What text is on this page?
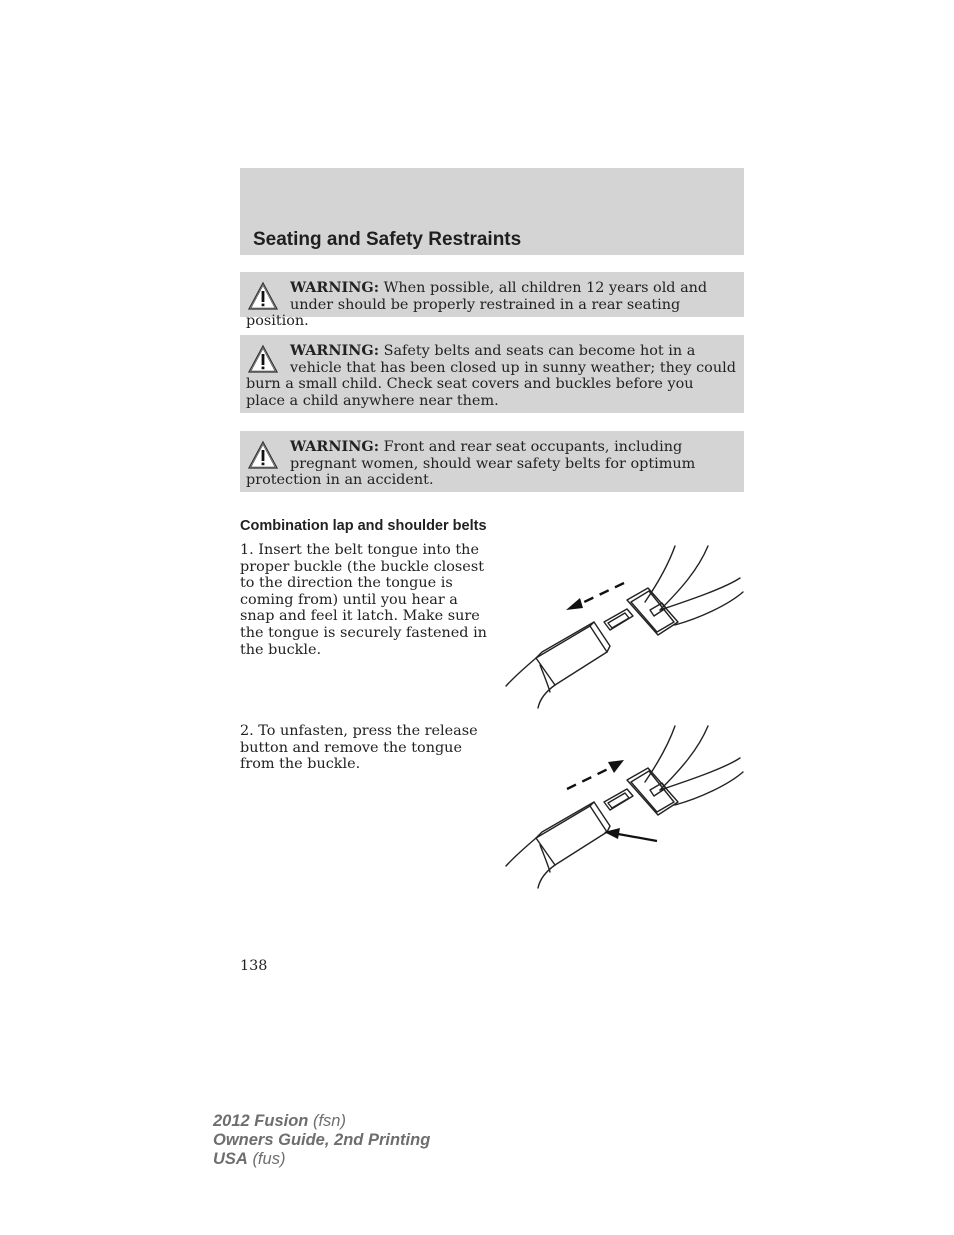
Seating and Safety Restraints
WARNING: When possible, all children 12 years old and under should be properly restrained in a rear seating position.
WARNING: Safety belts and seats can become hot in a vehicle that has been closed up in sunny weather; they could burn a small child. Check seat covers and buckles before you place a child anywhere near them.
WARNING: Front and rear seat occupants, including pregnant women, should wear safety belts for optimum protection in an accident.
Combination lap and shoulder belts
1. Insert the belt tongue into the proper buckle (the buckle closest to the direction the tongue is coming from) until you hear a snap and feel it latch. Make sure the tongue is securely fastened in the buckle.
2. To unfasten, press the release button and remove the tongue from the buckle.
138
2012 Fusion (fsn)
Owners Guide, 2nd Printing
USA (fus)
